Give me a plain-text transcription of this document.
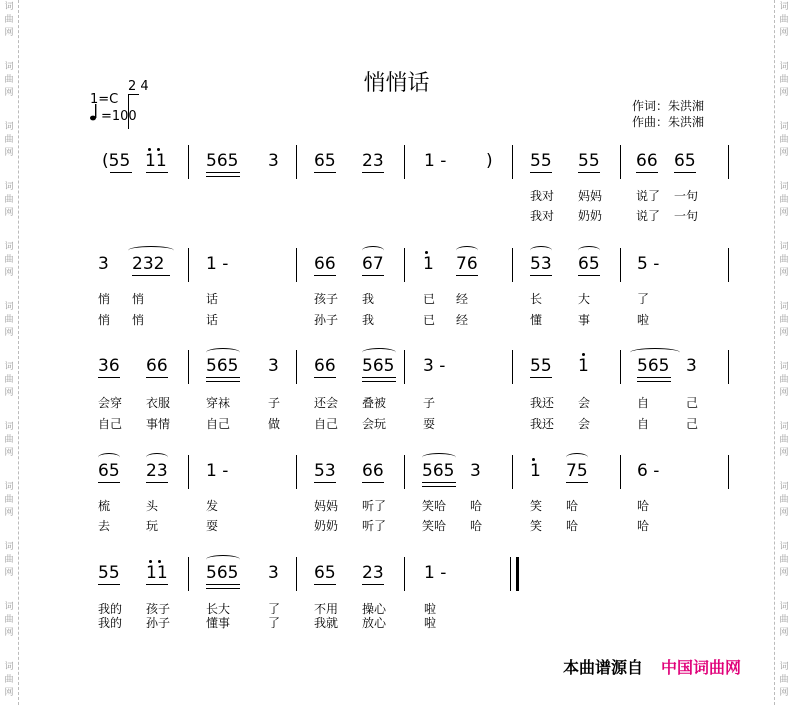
词
曲
网
词
曲
网
词
曲
网
词
曲
网
词
曲
网
词
曲
网
词
曲
网
词
曲
网
词
曲
网
词
曲
网
词
曲
网
词
曲
网
词
曲
网
词
曲
网
词
曲
网
词
曲
网
词
曲
网
词
曲
网
词
曲
网
词
曲
网
词
曲
网
词
曲
网
词
曲
网
词
曲
网
悄悄话
1=C
2 4
=100
作词：朱洪湘
作曲：朱洪湘
(55 11 565 3 65 23 1 - ) 55 55 66 65
我对 妈妈	说了 一句
我对 奶奶	说了 一句
3 232 1 -	66 67 1 76	53 65 5 -
悄 悄	话	孩子 我	已 经	长	大	了
悄 悄	话	孙子 我	已 经	懂	事	啦
36 66 565 3 66 565 3 -	55 1	565 3
会穿 衣服	穿袜	子	还会 叠被	子	我还 会	自	己
自己 事情	自己	做	自己 会玩	耍	我还 会	自	己
65 23 1 -	53 66 565 3	1 75	6 -
梳	头	发	妈妈 听了	笑哈 哈	笑 哈	哈
去	玩	耍	奶奶 听了	笑哈 哈	笑 哈	哈
55 11 565 3 65 23 1 -
我的 孩子	长大	了	不用 操心	啦
我的 孙子	懂事	了	我就 放心	啦
本曲谱源自 中国词曲网
